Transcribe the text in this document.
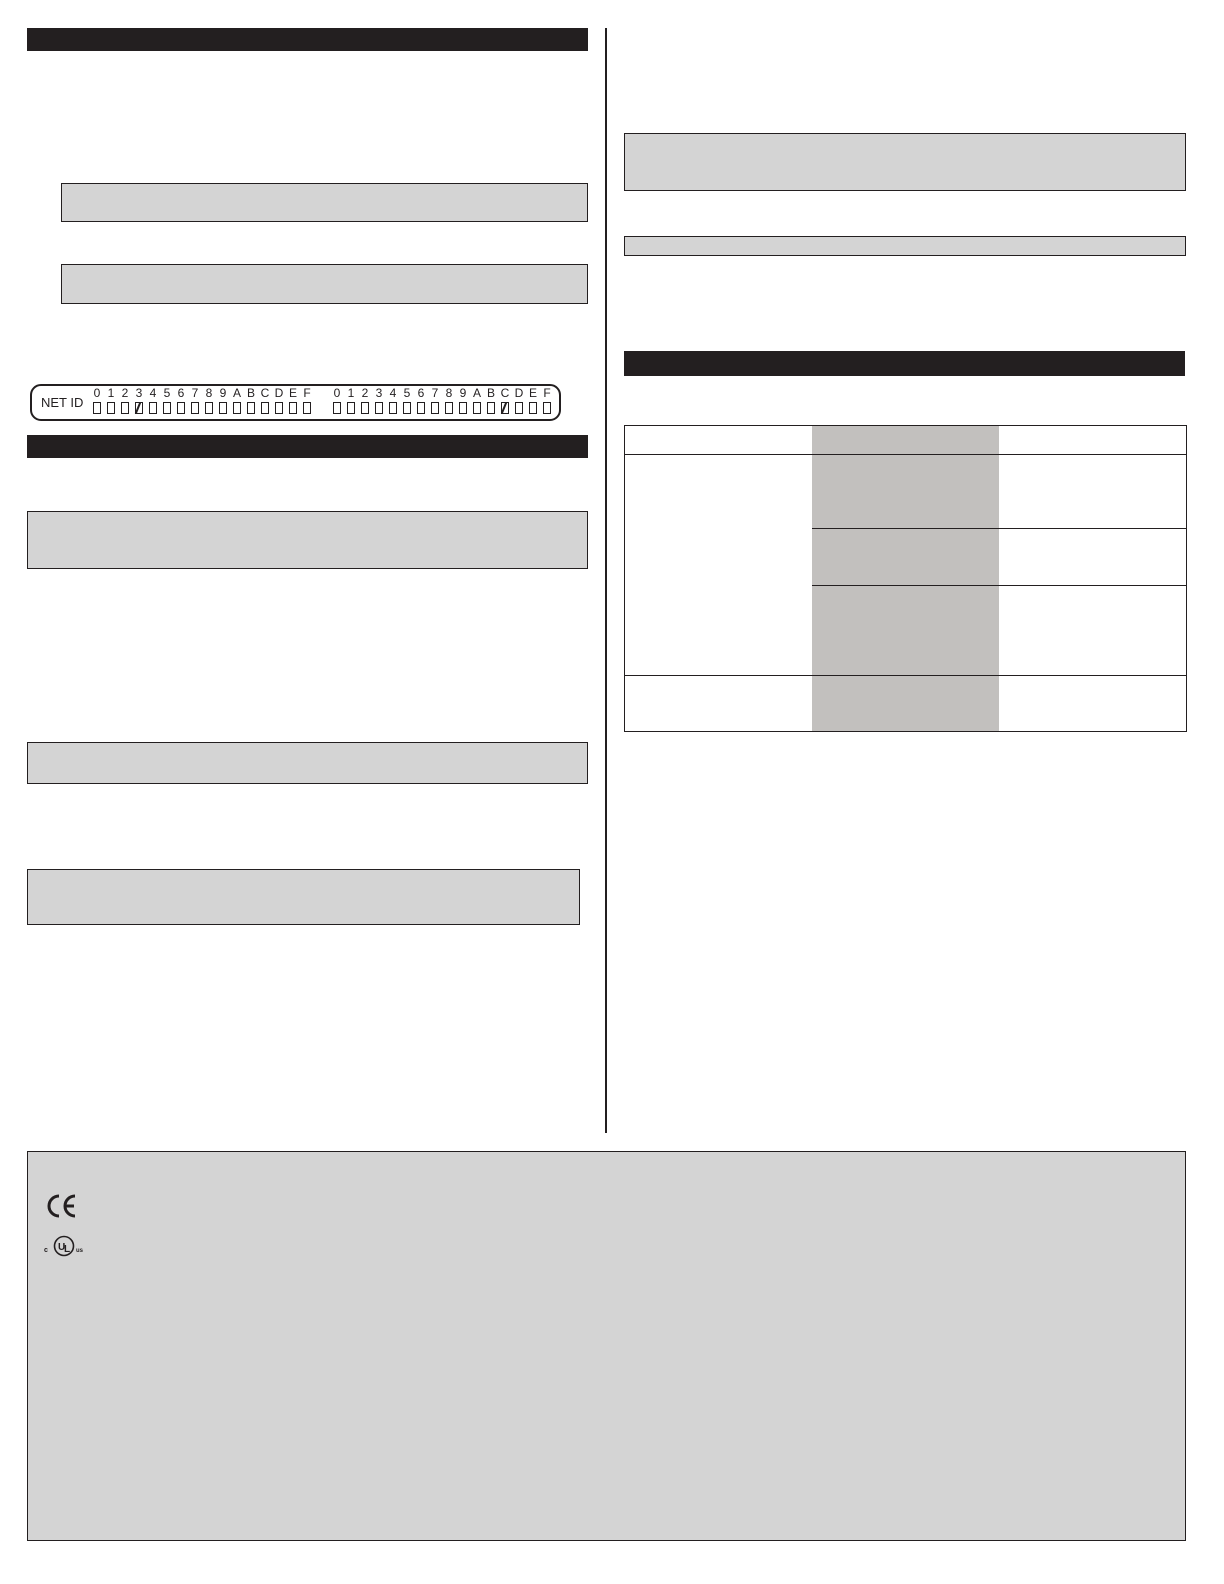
NET ID
0 1 2 3 4 5 6 7 8 9 A B C D E F	0 1 2 3 4 5 6 7 8 9 A B C D E F
c U
L us
